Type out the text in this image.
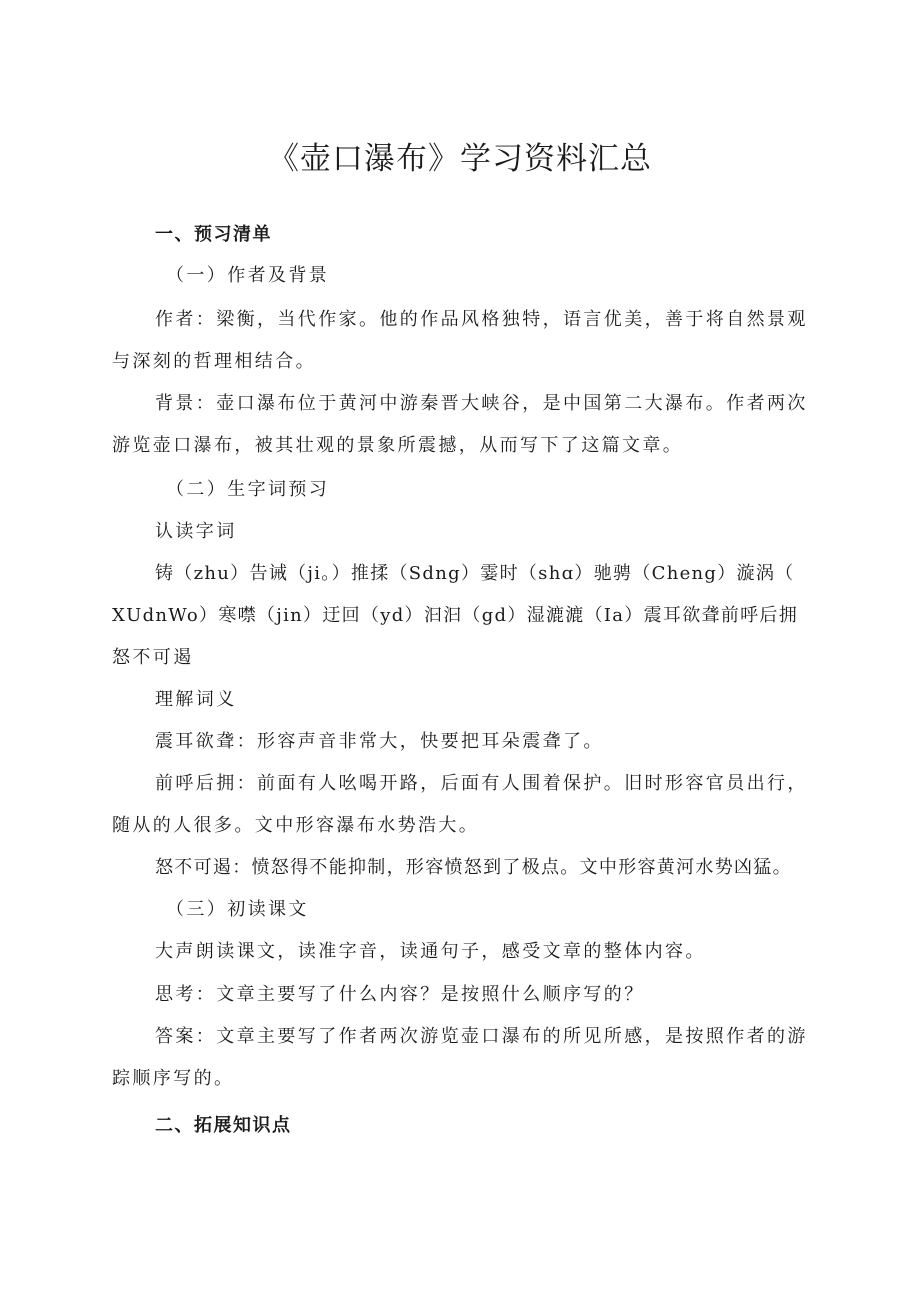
《壶口瀑布》学习资料汇总

一、预习清单

（一）作者及背景

作者：梁衡，当代作家。他的作品风格独特，语言优美，善于将自然景观

与深刻的哲理相结合。

背景：壶口瀑布位于黄河中游秦晋大峡谷，是中国第二大瀑布。作者两次

游览壶口瀑布，被其壮观的景象所震撼，从而写下了这篇文章。

（二）生字词预习

认读字词

铸（zhu）告诫（ji。）推揉（Sdng）霎时（shɑ）驰骋（Cheng）漩涡（

XUdnWo）寒噤（jin）迂回（yd）汩汩（gd）湿漉漉（Ia）震耳欲聋前呼后拥

怒不可遏

理解词义

震耳欲聋：形容声音非常大，快要把耳朵震聋了。

前呼后拥：前面有人吆喝开路，后面有人围着保护。旧时形容官员出行，

随从的人很多。文中形容瀑布水势浩大。

怒不可遏：愤怒得不能抑制，形容愤怒到了极点。文中形容黄河水势凶猛。

（三）初读课文

大声朗读课文，读准字音，读通句子，感受文章的整体内容。

思考：文章主要写了什么内容？是按照什么顺序写的？

答案：文章主要写了作者两次游览壶口瀑布的所见所感，是按照作者的游

踪顺序写的。

二、拓展知识点
